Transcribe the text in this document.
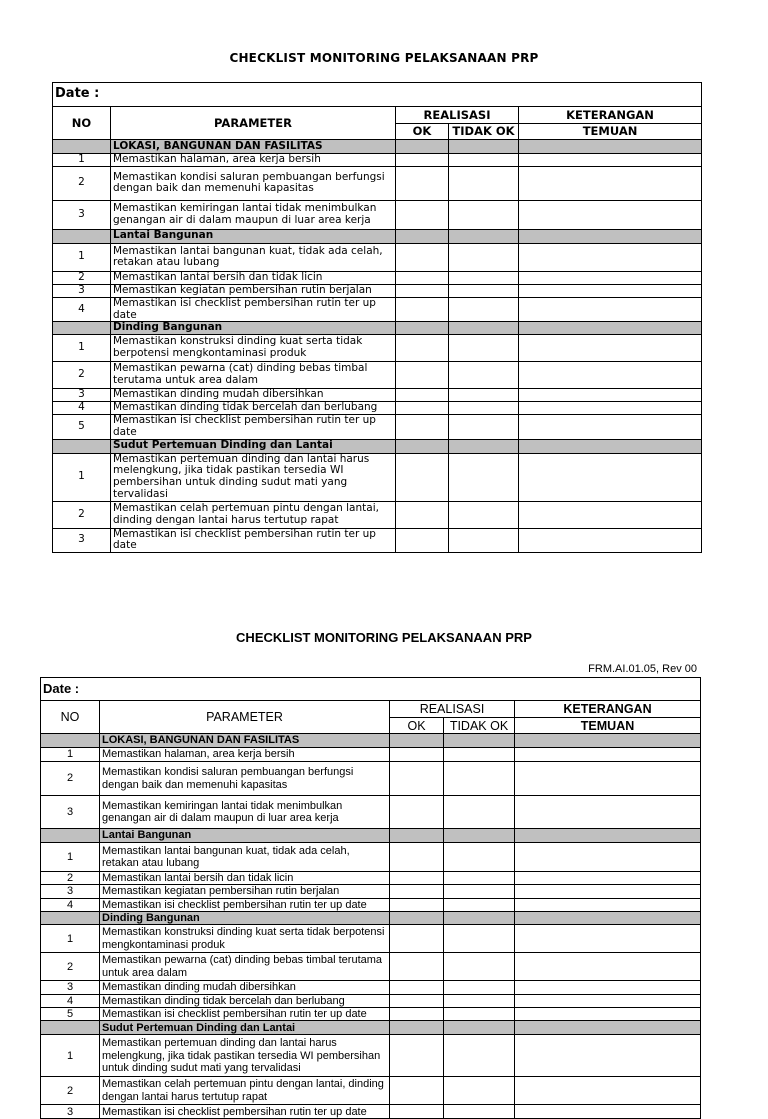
CHECKLIST MONITORING PELAKSANAAN PRP
Date :				
NO	PARAMETER	REALISASI		KETERANGAN
		OK	TIDAK OK	TEMUAN
	LOKASI, BANGUNAN DAN FASILITAS			
1	Memastikan halaman, area kerja bersih			
2	Memastikan kondisi saluran pembuangan berfungsi dengan baik dan memenuhi kapasitas			
3	Memastikan kemiringan lantai tidak menimbulkan genangan air di dalam maupun di luar area kerja			
	Lantai Bangunan			
1	Memastikan lantai bangunan kuat, tidak ada celah, retakan atau lubang			
2	Memastikan lantai bersih dan tidak licin			
3	Memastikan kegiatan pembersihan rutin berjalan			
4	Memastikan isi checklist pembersihan rutin ter up date			
	Dinding Bangunan			
1	Memastikan konstruksi dinding kuat serta tidak berpotensi mengkontaminasi produk			
2	Memastikan pewarna (cat) dinding bebas timbal terutama untuk area dalam			
3	Memastikan dinding mudah dibersihkan			
4	Memastikan dinding tidak bercelah dan berlubang			
5	Memastikan isi checklist pembersihan rutin ter up date			
	Sudut Pertemuan Dinding dan Lantai			
1	Memastikan pertemuan dinding dan lantai harus melengkung, jika tidak pastikan tersedia WI pembersihan untuk dinding sudut mati yang tervalidasi			
2	Memastikan celah pertemuan pintu dengan lantai, dinding dengan lantai harus tertutup rapat			
3	Memastikan isi checklist pembersihan rutin ter up date			
CHECKLIST MONITORING PELAKSANAAN PRP
FRM.AI.01.05, Rev 00
Date :				
NO	PARAMETER	REALISASI		KETERANGAN
		OK	TIDAK OK	TEMUAN
	LOKASI, BANGUNAN DAN FASILITAS			
1	Memastikan halaman, area kerja bersih			
2	Memastikan kondisi saluran pembuangan berfungsi dengan baik dan memenuhi kapasitas			
3	Memastikan kemiringan lantai tidak menimbulkan genangan air di dalam maupun di luar area kerja			
	Lantai Bangunan			
1	Memastikan lantai bangunan kuat, tidak ada celah, retakan atau lubang			
2	Memastikan lantai bersih dan tidak licin			
3	Memastikan kegiatan pembersihan rutin berjalan			
4	Memastikan isi checklist pembersihan rutin ter up date			
	Dinding Bangunan			
1	Memastikan konstruksi dinding kuat serta tidak berpotensi mengkontaminasi produk			
2	Memastikan pewarna (cat) dinding bebas timbal terutama untuk area dalam			
3	Memastikan dinding mudah dibersihkan			
4	Memastikan dinding tidak bercelah dan berlubang			
5	Memastikan isi checklist pembersihan rutin ter up date			
	Sudut Pertemuan Dinding dan Lantai			
1	Memastikan pertemuan dinding dan lantai harus melengkung, jika tidak pastikan tersedia WI pembersihan untuk dinding sudut mati yang tervalidasi			
2	Memastikan celah pertemuan pintu dengan lantai, dinding dengan lantai harus tertutup rapat			
3	Memastikan isi checklist pembersihan rutin ter up date			
